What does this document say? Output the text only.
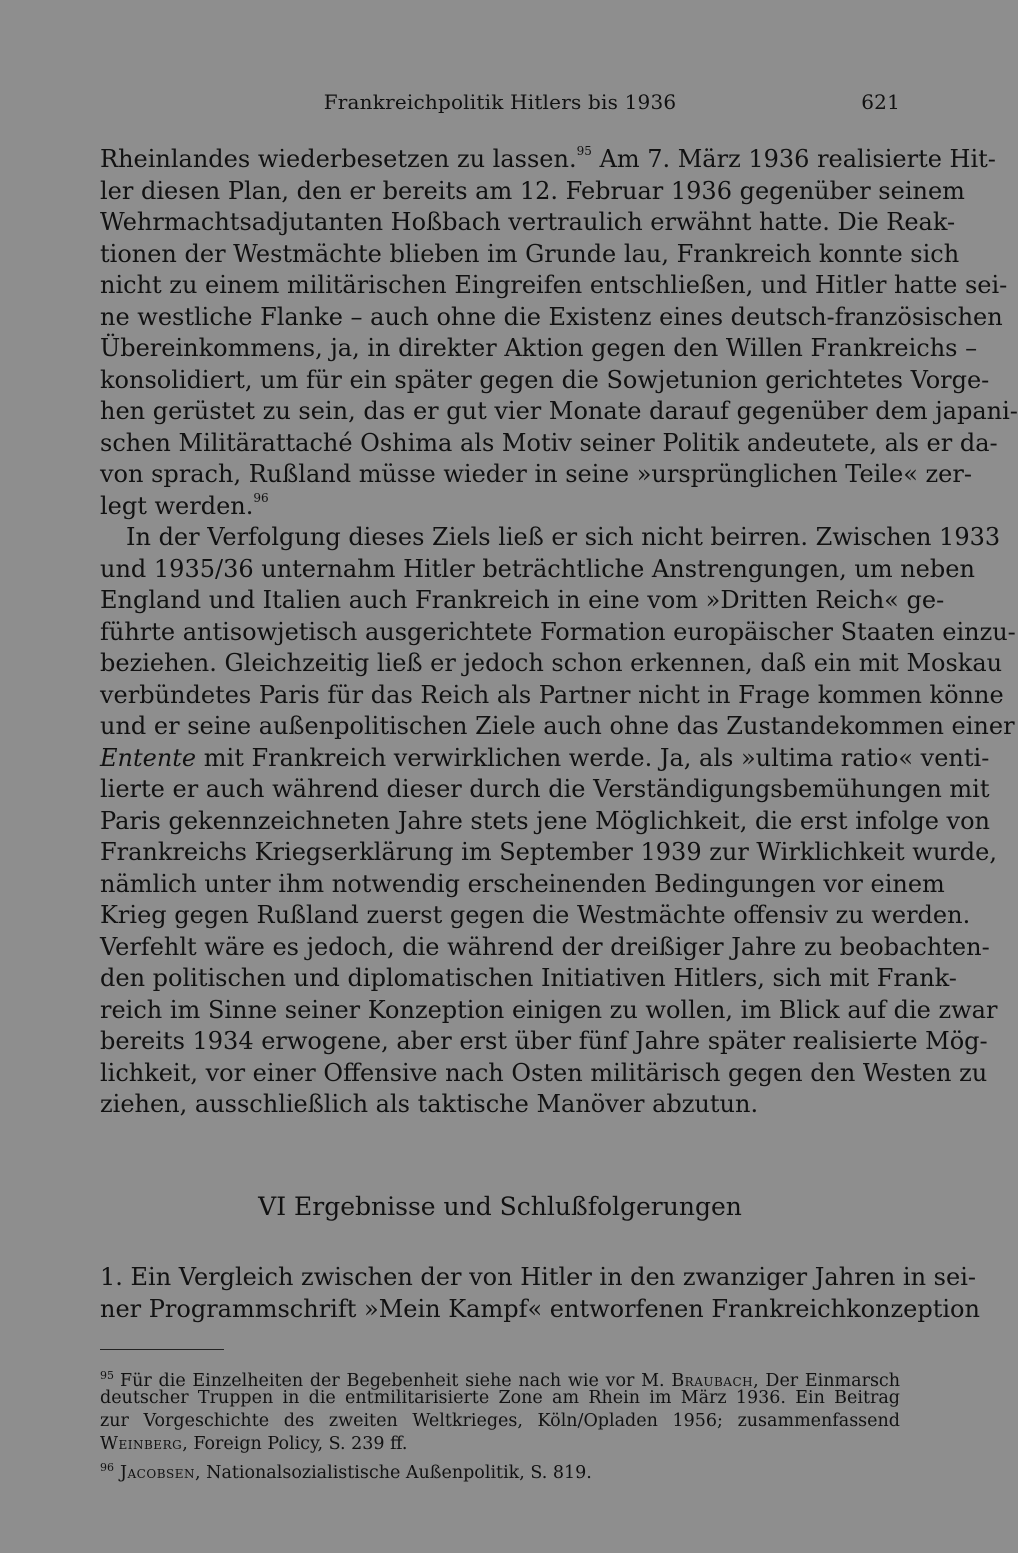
Frankreichpolitik Hitlers bis 1936	621
Rheinlandes wiederbesetzen zu lassen.$^{95}$ Am 7. März 1936 realisierte Hit-
ler diesen Plan, den er bereits am 12. Februar 1936 gegenüber seinem
Wehrmachtsadjutanten Hoßbach vertraulich erwähnt hatte. Die Reak-
tionen der Westmächte blieben im Grunde lau, Frankreich konnte sich
nicht zu einem militärischen Eingreifen entschließen, und Hitler hatte sei-
ne westliche Flanke – auch ohne die Existenz eines deutsch-französischen
Übereinkommens, ja, in direkter Aktion gegen den Willen Frankreichs –
konsolidiert, um für ein später gegen die Sowjetunion gerichtetes Vorge-
hen gerüstet zu sein, das er gut vier Monate darauf gegenüber dem japani-
schen Militärattaché Oshima als Motiv seiner Politik andeutete, als er da-
von sprach, Rußland müsse wieder in seine »ursprünglichen Teile« zer-
legt werden.$^{96}$
In der Verfolgung dieses Ziels ließ er sich nicht beirren. Zwischen 1933
und 1935/36 unternahm Hitler beträchtliche Anstrengungen, um neben
England und Italien auch Frankreich in eine vom »Dritten Reich« ge-
führte antisowjetisch ausgerichtete Formation europäischer Staaten einzu-
beziehen. Gleichzeitig ließ er jedoch schon erkennen, daß ein mit Moskau
verbündetes Paris für das Reich als Partner nicht in Frage kommen könne
und er seine außenpolitischen Ziele auch ohne das Zustandekommen einer
Entente mit Frankreich verwirklichen werde. Ja, als »ultima ratio« venti-
lierte er auch während dieser durch die Verständigungsbemühungen mit
Paris gekennzeichneten Jahre stets jene Möglichkeit, die erst infolge von
Frankreichs Kriegserklärung im September 1939 zur Wirklichkeit wurde,
nämlich unter ihm notwendig erscheinenden Bedingungen vor einem
Krieg gegen Rußland zuerst gegen die Westmächte offensiv zu werden.
Verfehlt wäre es jedoch, die während der dreißiger Jahre zu beobachten-
den politischen und diplomatischen Initiativen Hitlers, sich mit Frank-
reich im Sinne seiner Konzeption einigen zu wollen, im Blick auf die zwar
bereits 1934 erwogene, aber erst über fünf Jahre später realisierte Mög-
lichkeit, vor einer Offensive nach Osten militärisch gegen den Westen zu
ziehen, ausschließlich als taktische Manöver abzutun.
VI Ergebnisse und Schlußfolgerungen
1. Ein Vergleich zwischen der von Hitler in den zwanziger Jahren in sei-
ner Programmschrift »Mein Kampf« entworfenen Frankreichkonzeption
$^{95}$ Für die Einzelheiten der Begebenheit siehe nach wie vor M. Braubach, Der Einmarsch
deutscher Truppen in die entmilitarisierte Zone am Rhein im März 1936. Ein Beitrag
zur Vorgeschichte des zweiten Weltkrieges, Köln/Opladen 1956; zusammenfassend
Weinberg, Foreign Policy, S. 239 ff.
$^{96}$ Jacobsen, Nationalsozialistische Außenpolitik, S. 819.
